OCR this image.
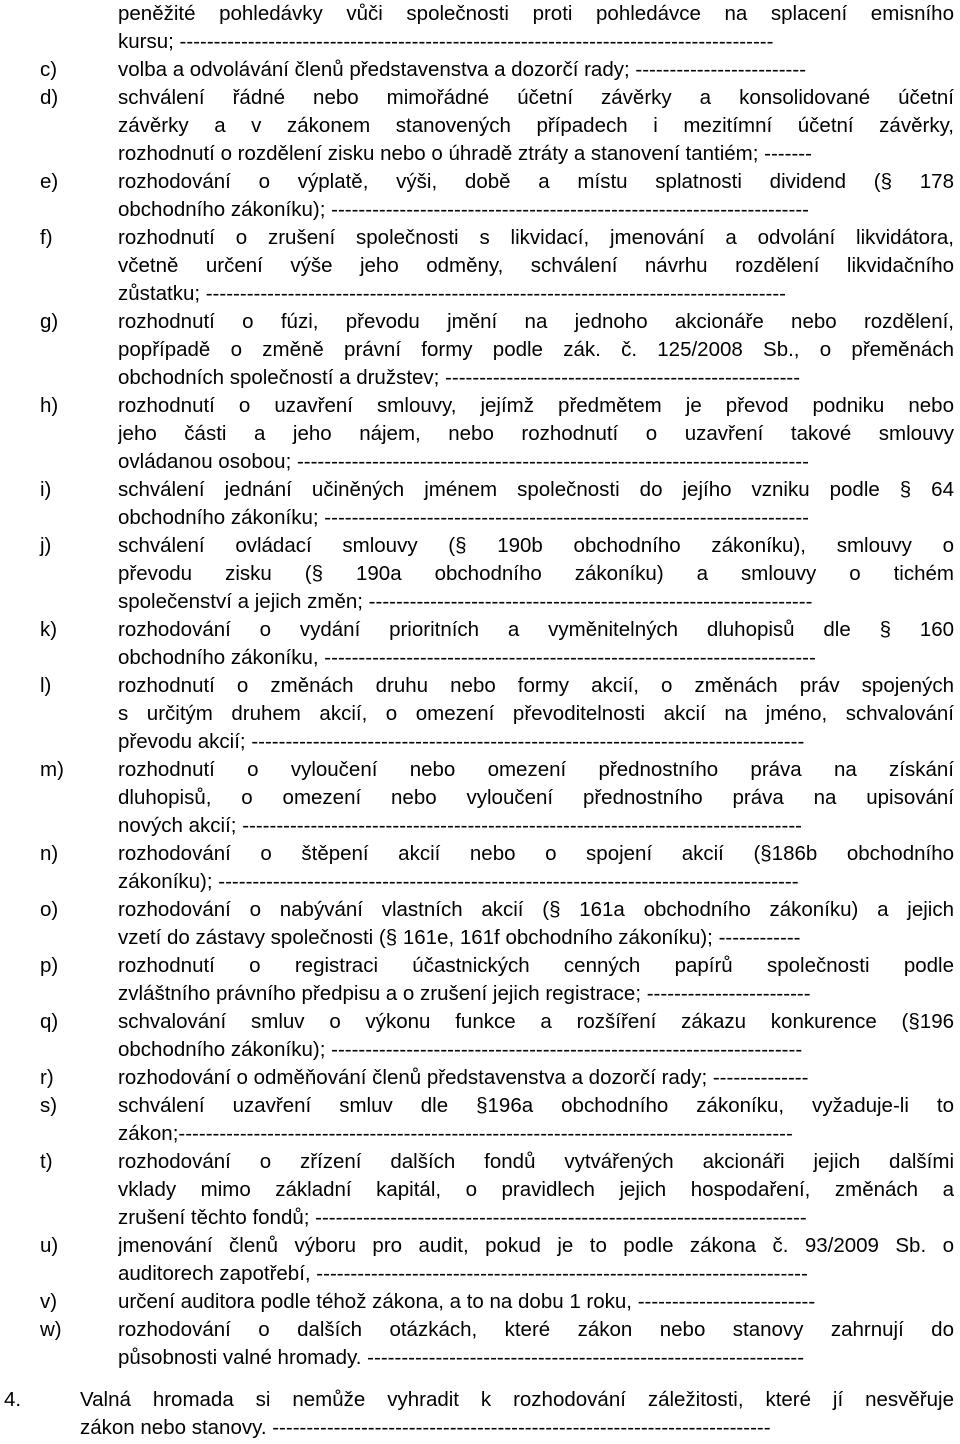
peněžité pohledávky vůči společnosti proti pohledávce na splacení emisního
kursu; ---------------------------------------------------------------------------------------
c)	volba a odvolávání členů představenstva a dozorčí rady; -------------------------
d)	schválení řádné nebo mimořádné účetní závěrky a konsolidované účetní
závěrky a v zákonem stanovených případech i mezitímní účetní závěrky,
rozhodnutí o rozdělení zisku nebo o úhradě ztráty a stanovení tantiém; -------
e)	rozhodování o výplatě, výši, době a místu splatnosti dividend (§ 178
obchodního zákoníku); ----------------------------------------------------------------------
f)	rozhodnutí o zrušení společnosti s likvidací, jmenování a odvolání likvidátora,
včetně určení výše jeho odměny, schválení návrhu rozdělení likvidačního
zůstatku; -------------------------------------------------------------------------------------
g)	rozhodnutí o fúzi, převodu jmění na jednoho akcionáře nebo rozdělení,
popřípadě o změně právní formy podle zák. č. 125/2008 Sb., o přeměnách
obchodních společností a družstev; ----------------------------------------------------
h)	rozhodnutí o uzavření smlouvy, jejímž předmětem je převod podniku nebo
jeho části a jeho nájem, nebo rozhodnutí o uzavření takové smlouvy
ovládanou osobou; ---------------------------------------------------------------------------
i)	schválení jednání učiněných jménem společnosti do jejího vzniku podle § 64
obchodního zákoníku; -----------------------------------------------------------------------
j)	schválení ovládací smlouvy (§ 190b obchodního zákoníku), smlouvy o
převodu zisku (§ 190a obchodního zákoníku) a smlouvy o tichém
společenství a jejich změn; -----------------------------------------------------------------
k)	rozhodování o vydání prioritních a vyměnitelných dluhopisů dle § 160
obchodního zákoníku, ------------------------------------------------------------------------
l)	rozhodnutí o změnách druhu nebo formy akcií, o změnách práv spojených
s určitým druhem akcií, o omezení převoditelnosti akcií na jméno, schvalování
převodu akcií; ---------------------------------------------------------------------------------
m)	rozhodnutí o vyloučení nebo omezení přednostního práva na získání
dluhopisů, o omezení nebo vyloučení přednostního práva na upisování
nových akcií; ----------------------------------------------------------------------------------
n)	rozhodování o štěpení akcií nebo o spojení akcií (§186b obchodního
zákoníku); -------------------------------------------------------------------------------------
o)	rozhodování o nabývání vlastních akcií (§ 161a obchodního zákoníku) a jejich
vzetí do zástavy společnosti (§ 161e, 161f obchodního zákoníku); ------------
p)	rozhodnutí o registraci účastnických cenných papírů společnosti podle
zvláštního právního předpisu a o zrušení jejich registrace; ------------------------
q)	schvalování smluv o výkonu funkce a rozšíření zákazu konkurence (§196
obchodního zákoníku); ---------------------------------------------------------------------
r)	rozhodování o odměňování členů představenstva a dozorčí rady; --------------
s)	schválení uzavření smluv dle §196a obchodního zákoníku, vyžaduje-li to
zákon;------------------------------------------------------------------------------------------
t)	rozhodování o zřízení dalších fondů vytvářených akcionáři jejich dalšími
vklady mimo základní kapitál, o pravidlech jejich hospodaření, změnách a
zrušení těchto fondů; ------------------------------------------------------------------------
u)	jmenování členů výboru pro audit, pokud je to podle zákona č. 93/2009 Sb. o
auditorech zapotřebí, ------------------------------------------------------------------------
v)	určení auditora podle téhož zákona, a to na dobu 1 roku, --------------------------
w)	rozhodování o dalších otázkách, které zákon nebo stanovy zahrnují do
působnosti valné hromady. ----------------------------------------------------------------
4.	Valná hromada si nemůže vyhradit k rozhodování záležitosti, které jí nesvěřuje
zákon nebo stanovy. -------------------------------------------------------------------------
